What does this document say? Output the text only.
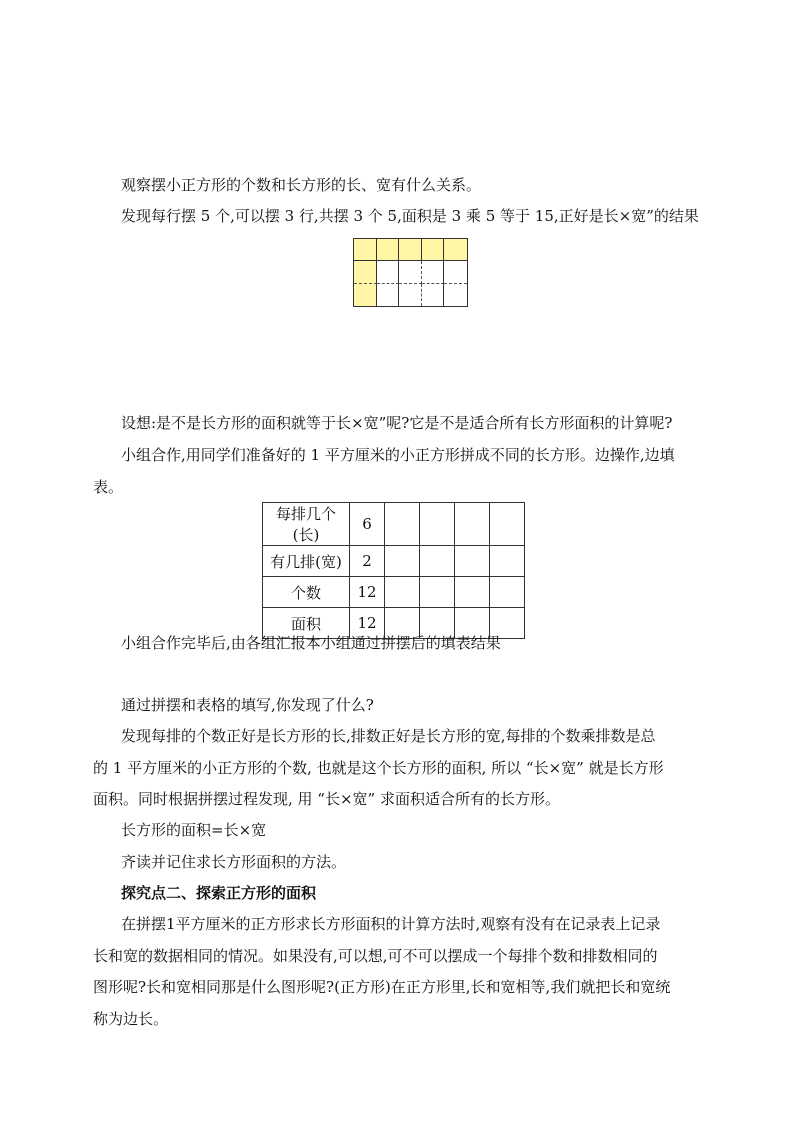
观察摆小正方形的个数和长方形的长、宽有什么关系。
发现每行摆 5 个,可以摆 3 行,共摆 3 个 5,面积是 3 乘 5 等于 15,正好是长×宽”的结果
设想:是不是长方形的面积就等于长×宽”呢?它是不是适合所有长方形面积的计算呢?
小组合作,用同学们准备好的 1 平方厘米的小正方形拼成不同的长方形。边操作,边填
表。
每排几个(长)	6				
有几排(宽)	2				
个数	12				
面积	12				
小组合作完毕后,由各组汇报本小组通过拼摆后的填表结果
通过拼摆和表格的填写,你发现了什么?
发现每排的个数正好是长方形的长,排数正好是长方形的宽,每排的个数乘排数是总
的 1 平方厘米的小正方形的个数, 也就是这个长方形的面积, 所以 “长×宽” 就是长方形
面积。同时根据拼摆过程发现, 用 “长×宽” 求面积适合所有的长方形。
长方形的面积=长×宽
齐读并记住求长方形面积的方法。
探究点二、探索正方形的面积
在拼摆1平方厘米的正方形求长方形面积的计算方法时,观察有没有在记录表上记录
长和宽的数据相同的情况。如果没有,可以想,可不可以摆成一个每排个数和排数相同的
图形呢?长和宽相同那是什么图形呢?(正方形)在正方形里,长和宽相等,我们就把长和宽统
称为边长。
